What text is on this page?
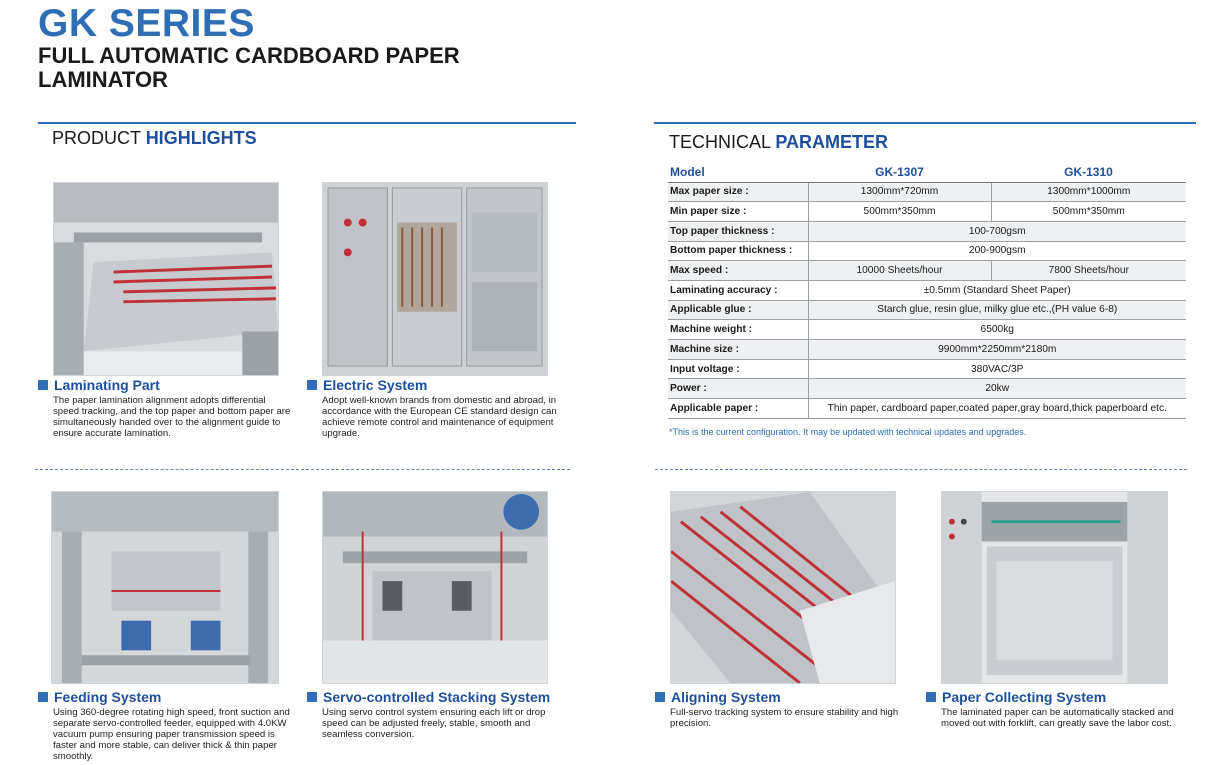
GK SERIES
FULL AUTOMATIC CARDBOARD PAPER LAMINATOR
PRODUCT HIGHLIGHTS	TECHNICAL PARAMETER
Laminating Part
The paper lamination alignment adopts differential speed tracking, and the top paper and bottom paper are simultaneously handed over to the alignment guide to ensure accurate lamination.
Electric System
Adopt well-known brands from domestic and abroad, in accordance with the European CE standard design can achieve remote control and maintenance of equipment upgrade.
Feeding System
Using 360-degree rotating high speed, front suction and separate servo-controlled feeder, equipped with 4.0KW vacuum pump ensuring paper transmission speed is faster and more stable, can deliver thick & thin paper smoothly.
Servo-controlled Stacking System
Using servo control system ensuring each lift or drop speed can be adjusted freely, stable, smooth and seamless conversion.
Aligning System
Full-servo tracking system to ensure stability and high precision.
Paper Collecting System
The laminated paper can be automatically stacked and moved out with forklift, can greatly save the labor cost.
Model	GK-1307	GK-1310
Max paper size :	1300mm*720mm	1300mm*1000mm
Min paper size :	500mm*350mm	500mm*350mm
Top paper thickness :	100-700gsm	
Bottom paper thickness :	200-900gsm	
Max speed :	10000 Sheets/hour	7800 Sheets/hour
Laminating accuracy :	±0.5mm (Standard Sheet Paper)	
Applicable glue :	Starch glue, resin glue, milky glue etc.,(PH value 6-8)	
Machine weight :	6500kg	
Machine size :	9900mm*2250mm*2180m	
Input voltage :	380VAC/3P	
Power :	20kw	
Applicable paper :	Thin paper, cardboard paper,coated paper,gray board,thick paperboard etc.	
*This is the current configuration. It may be updated with technical updates and upgrades.
